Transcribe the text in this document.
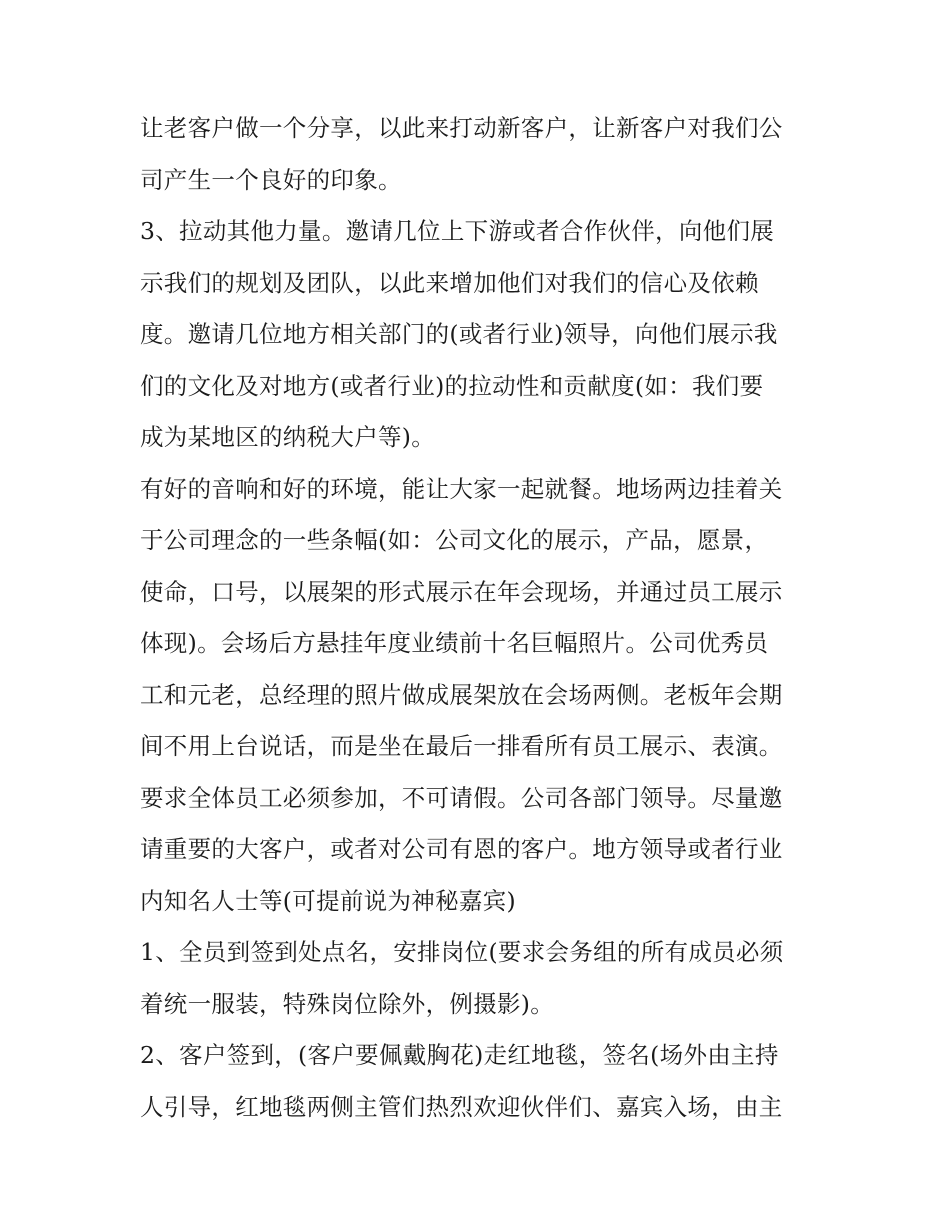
让老客户做一个分享，以此来打动新客户，让新客户对我们公
司产生一个良好的印象。
3、拉动其他力量。邀请几位上下游或者合作伙伴，向他们展
示我们的规划及团队，以此来增加他们对我们的信心及依赖
度。邀请几位地方相关部门的(或者行业)领导，向他们展示我
们的文化及对地方(或者行业)的拉动性和贡献度(如：我们要
成为某地区的纳税大户等)。
有好的音响和好的环境，能让大家一起就餐。地场两边挂着关
于公司理念的一些条幅(如：公司文化的展示，产品，愿景，
使命，口号，以展架的形式展示在年会现场，并通过员工展示
体现)。会场后方悬挂年度业绩前十名巨幅照片。公司优秀员
工和元老，总经理的照片做成展架放在会场两侧。老板年会期
间不用上台说话，而是坐在最后一排看所有员工展示、表演。
要求全体员工必须参加，不可请假。公司各部门领导。尽量邀
请重要的大客户，或者对公司有恩的客户。地方领导或者行业
内知名人士等(可提前说为神秘嘉宾)
1、全员到签到处点名，安排岗位(要求会务组的所有成员必须
着统一服装，特殊岗位除外，例摄影)。
2、客户签到，(客户要佩戴胸花)走红地毯，签名(场外由主持
人引导，红地毯两侧主管们热烈欢迎伙伴们、嘉宾入场，由主
